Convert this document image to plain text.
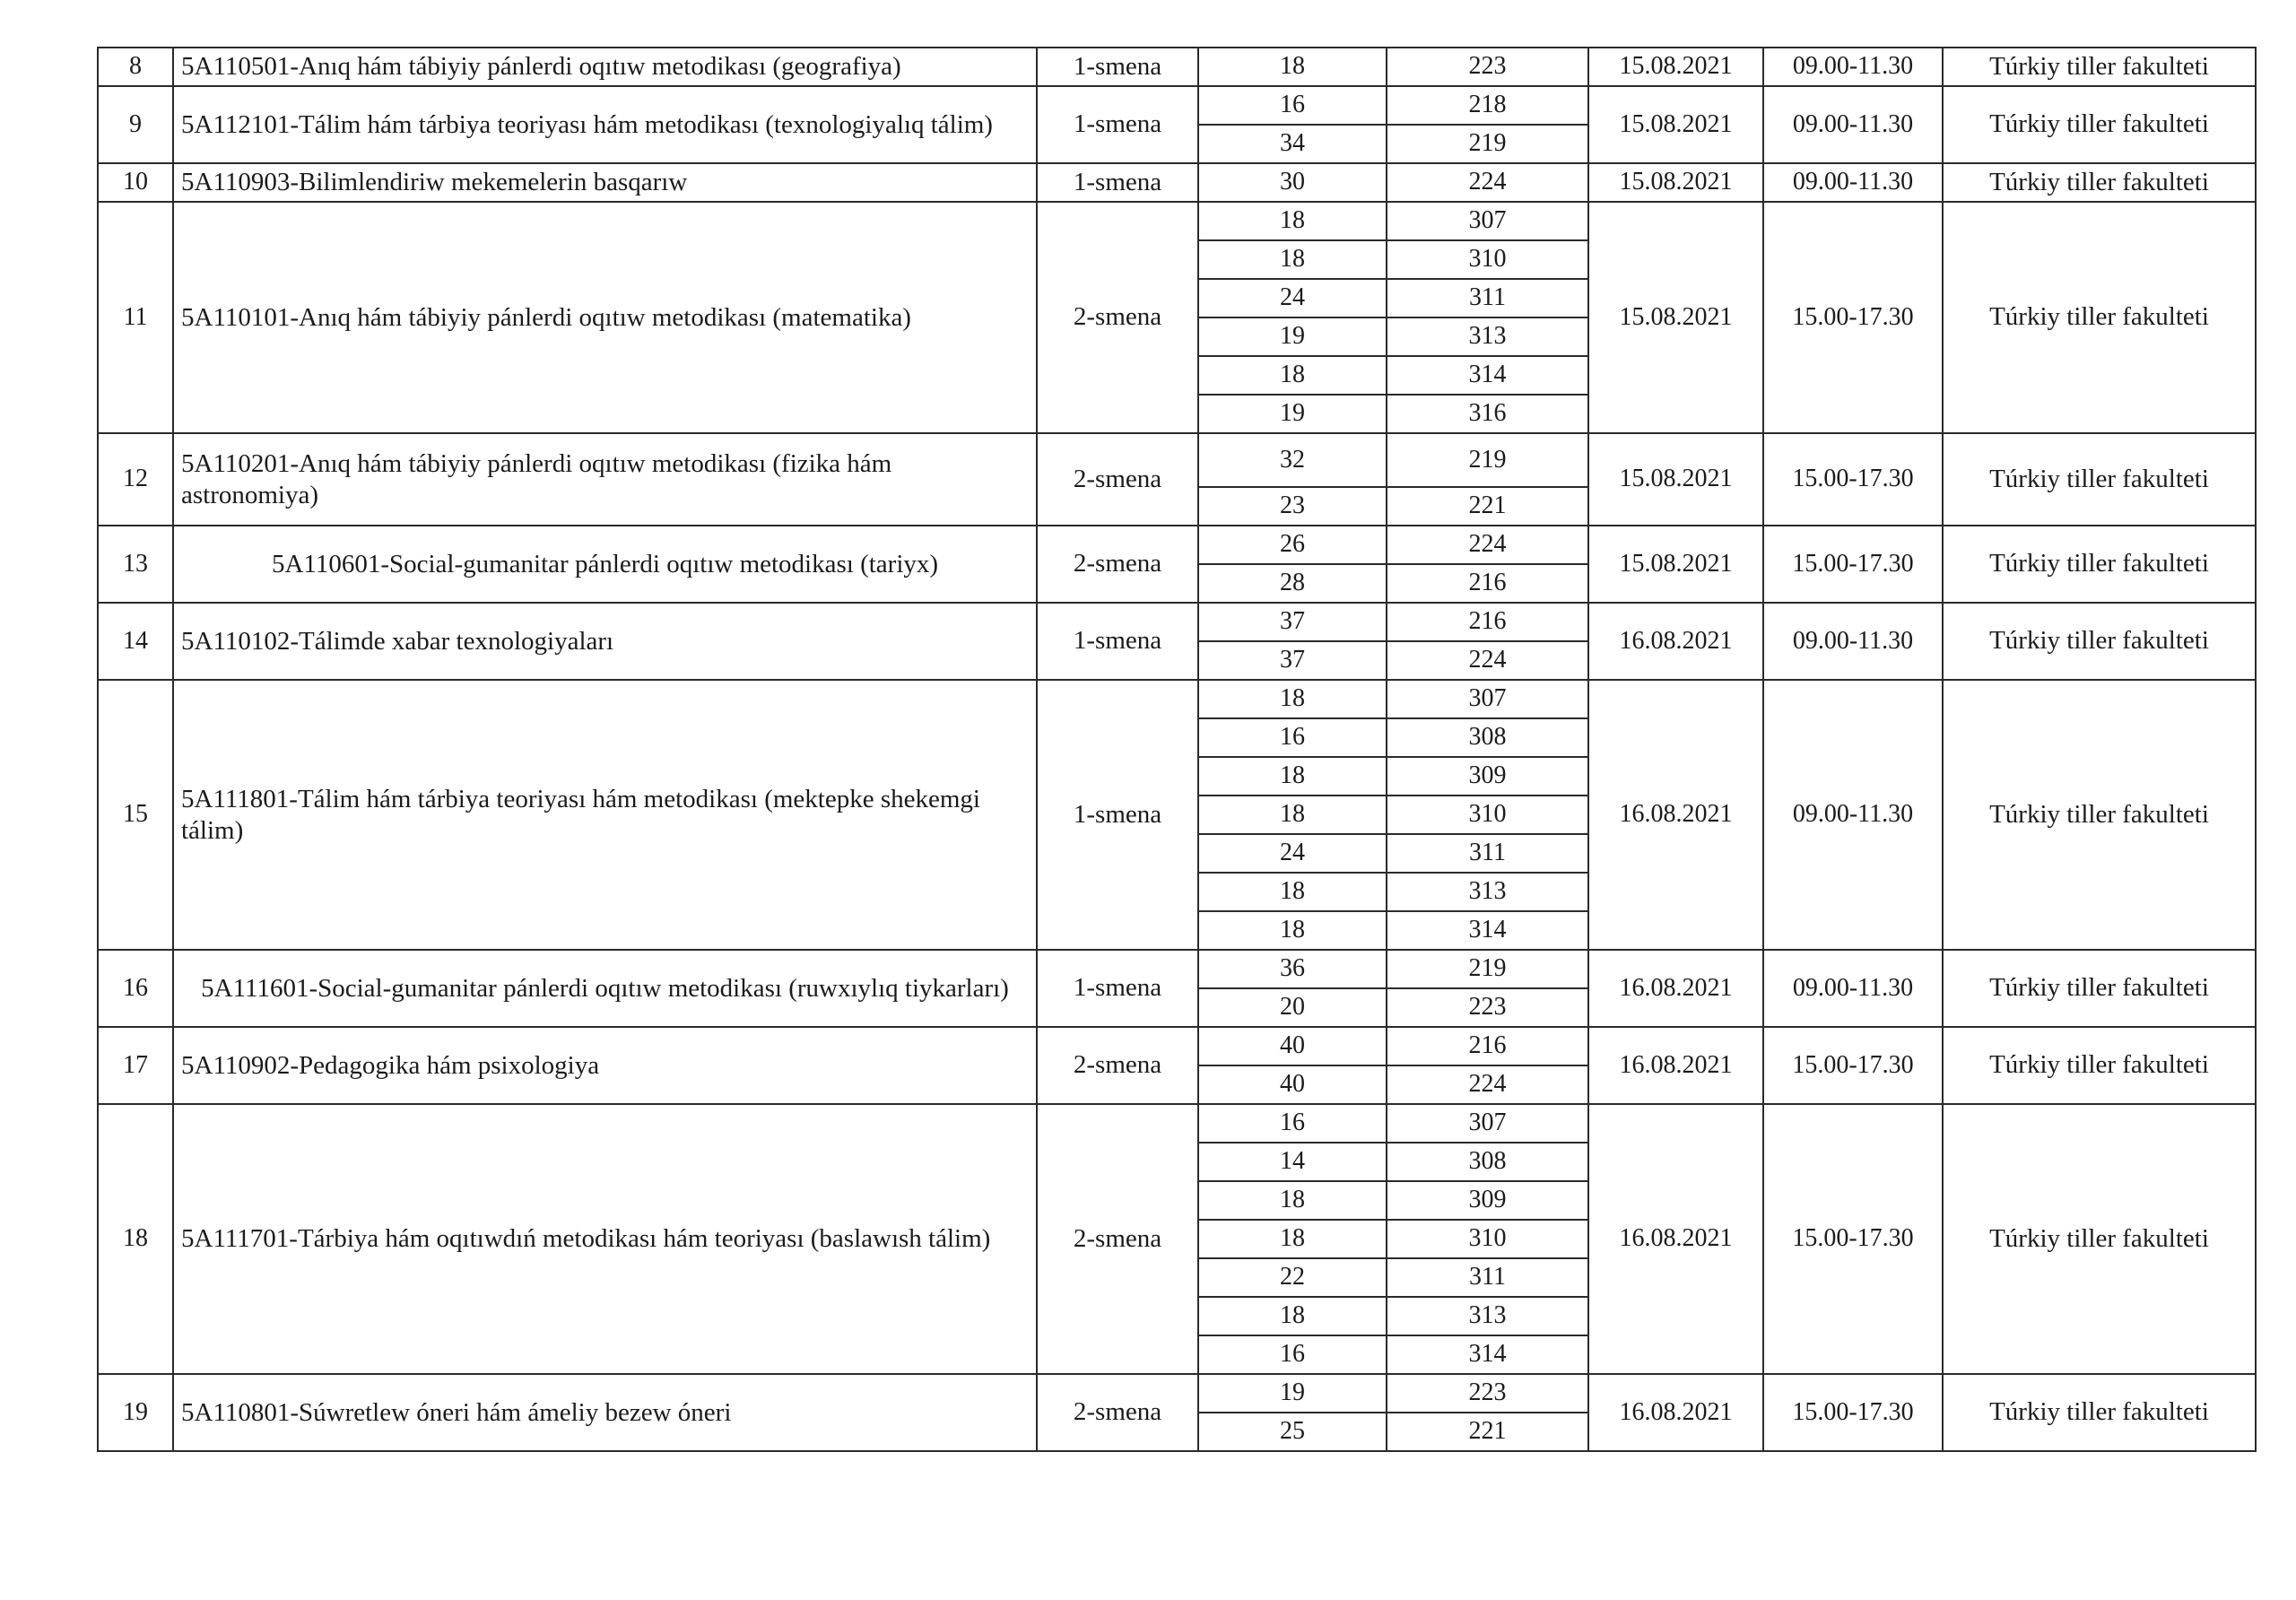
8	5A110501-Anıq hám tábiyiy pánlerdi oqıtıw metodikası (geografiya)	1-smena	18	223	15.08.2021	09.00-11.30	Túrkiy tiller fakulteti
9	5A112101-Tálim hám tárbiya teoriyası hám metodikası (texnologiyalıq tálim)	1-smena	16	218	15.08.2021	09.00-11.30	Túrkiy tiller fakulteti
			34	219			
10	5A110903-Bilimlendiriw mekemelerin basqarıw	1-smena	30	224	15.08.2021	09.00-11.30	Túrkiy tiller fakulteti
11	5A110101-Anıq hám tábiyiy pánlerdi oqıtıw metodikası (matematika)	2-smena	18	307	15.08.2021	15.00-17.30	Túrkiy tiller fakulteti
			18	310			
			24	311			
			19	313			
			18	314			
			19	316			
12	5A110201-Anıq hám tábiyiy pánlerdi oqıtıw metodikası (fizika hám astronomiya)	2-smena	32	219	15.08.2021	15.00-17.30	Túrkiy tiller fakulteti
			23	221			
13	5A110601-Social-gumanitar pánlerdi oqıtıw metodikası (tariyx)	2-smena	26	224	15.08.2021	15.00-17.30	Túrkiy tiller fakulteti
			28	216			
14	5A110102-Tálimde xabar texnologiyaları	1-smena	37	216	16.08.2021	09.00-11.30	Túrkiy tiller fakulteti
			37	224			
15	5A111801-Tálim hám tárbiya teoriyası hám metodikası (mektepke shekemgi tálim)	1-smena	18	307	16.08.2021	09.00-11.30	Túrkiy tiller fakulteti
			16	308			
			18	309			
			18	310			
			24	311			
			18	313			
			18	314			
16	5A111601-Social-gumanitar pánlerdi oqıtıw metodikası (ruwxıylıq tiykarları)	1-smena	36	219	16.08.2021	09.00-11.30	Túrkiy tiller fakulteti
			20	223			
17	5A110902-Pedagogika hám psixologiya	2-smena	40	216	16.08.2021	15.00-17.30	Túrkiy tiller fakulteti
			40	224			
18	5A111701-Tárbiya hám oqıtıwdıń metodikası hám teoriyası (baslawısh tálim)	2-smena	16	307	16.08.2021	15.00-17.30	Túrkiy tiller fakulteti
			14	308			
			18	309			
			18	310			
			22	311			
			18	313			
			16	314			
19	5A110801-Súwretlew óneri hám ámeliy bezew óneri	2-smena	19	223	16.08.2021	15.00-17.30	Túrkiy tiller fakulteti
			25	221			
